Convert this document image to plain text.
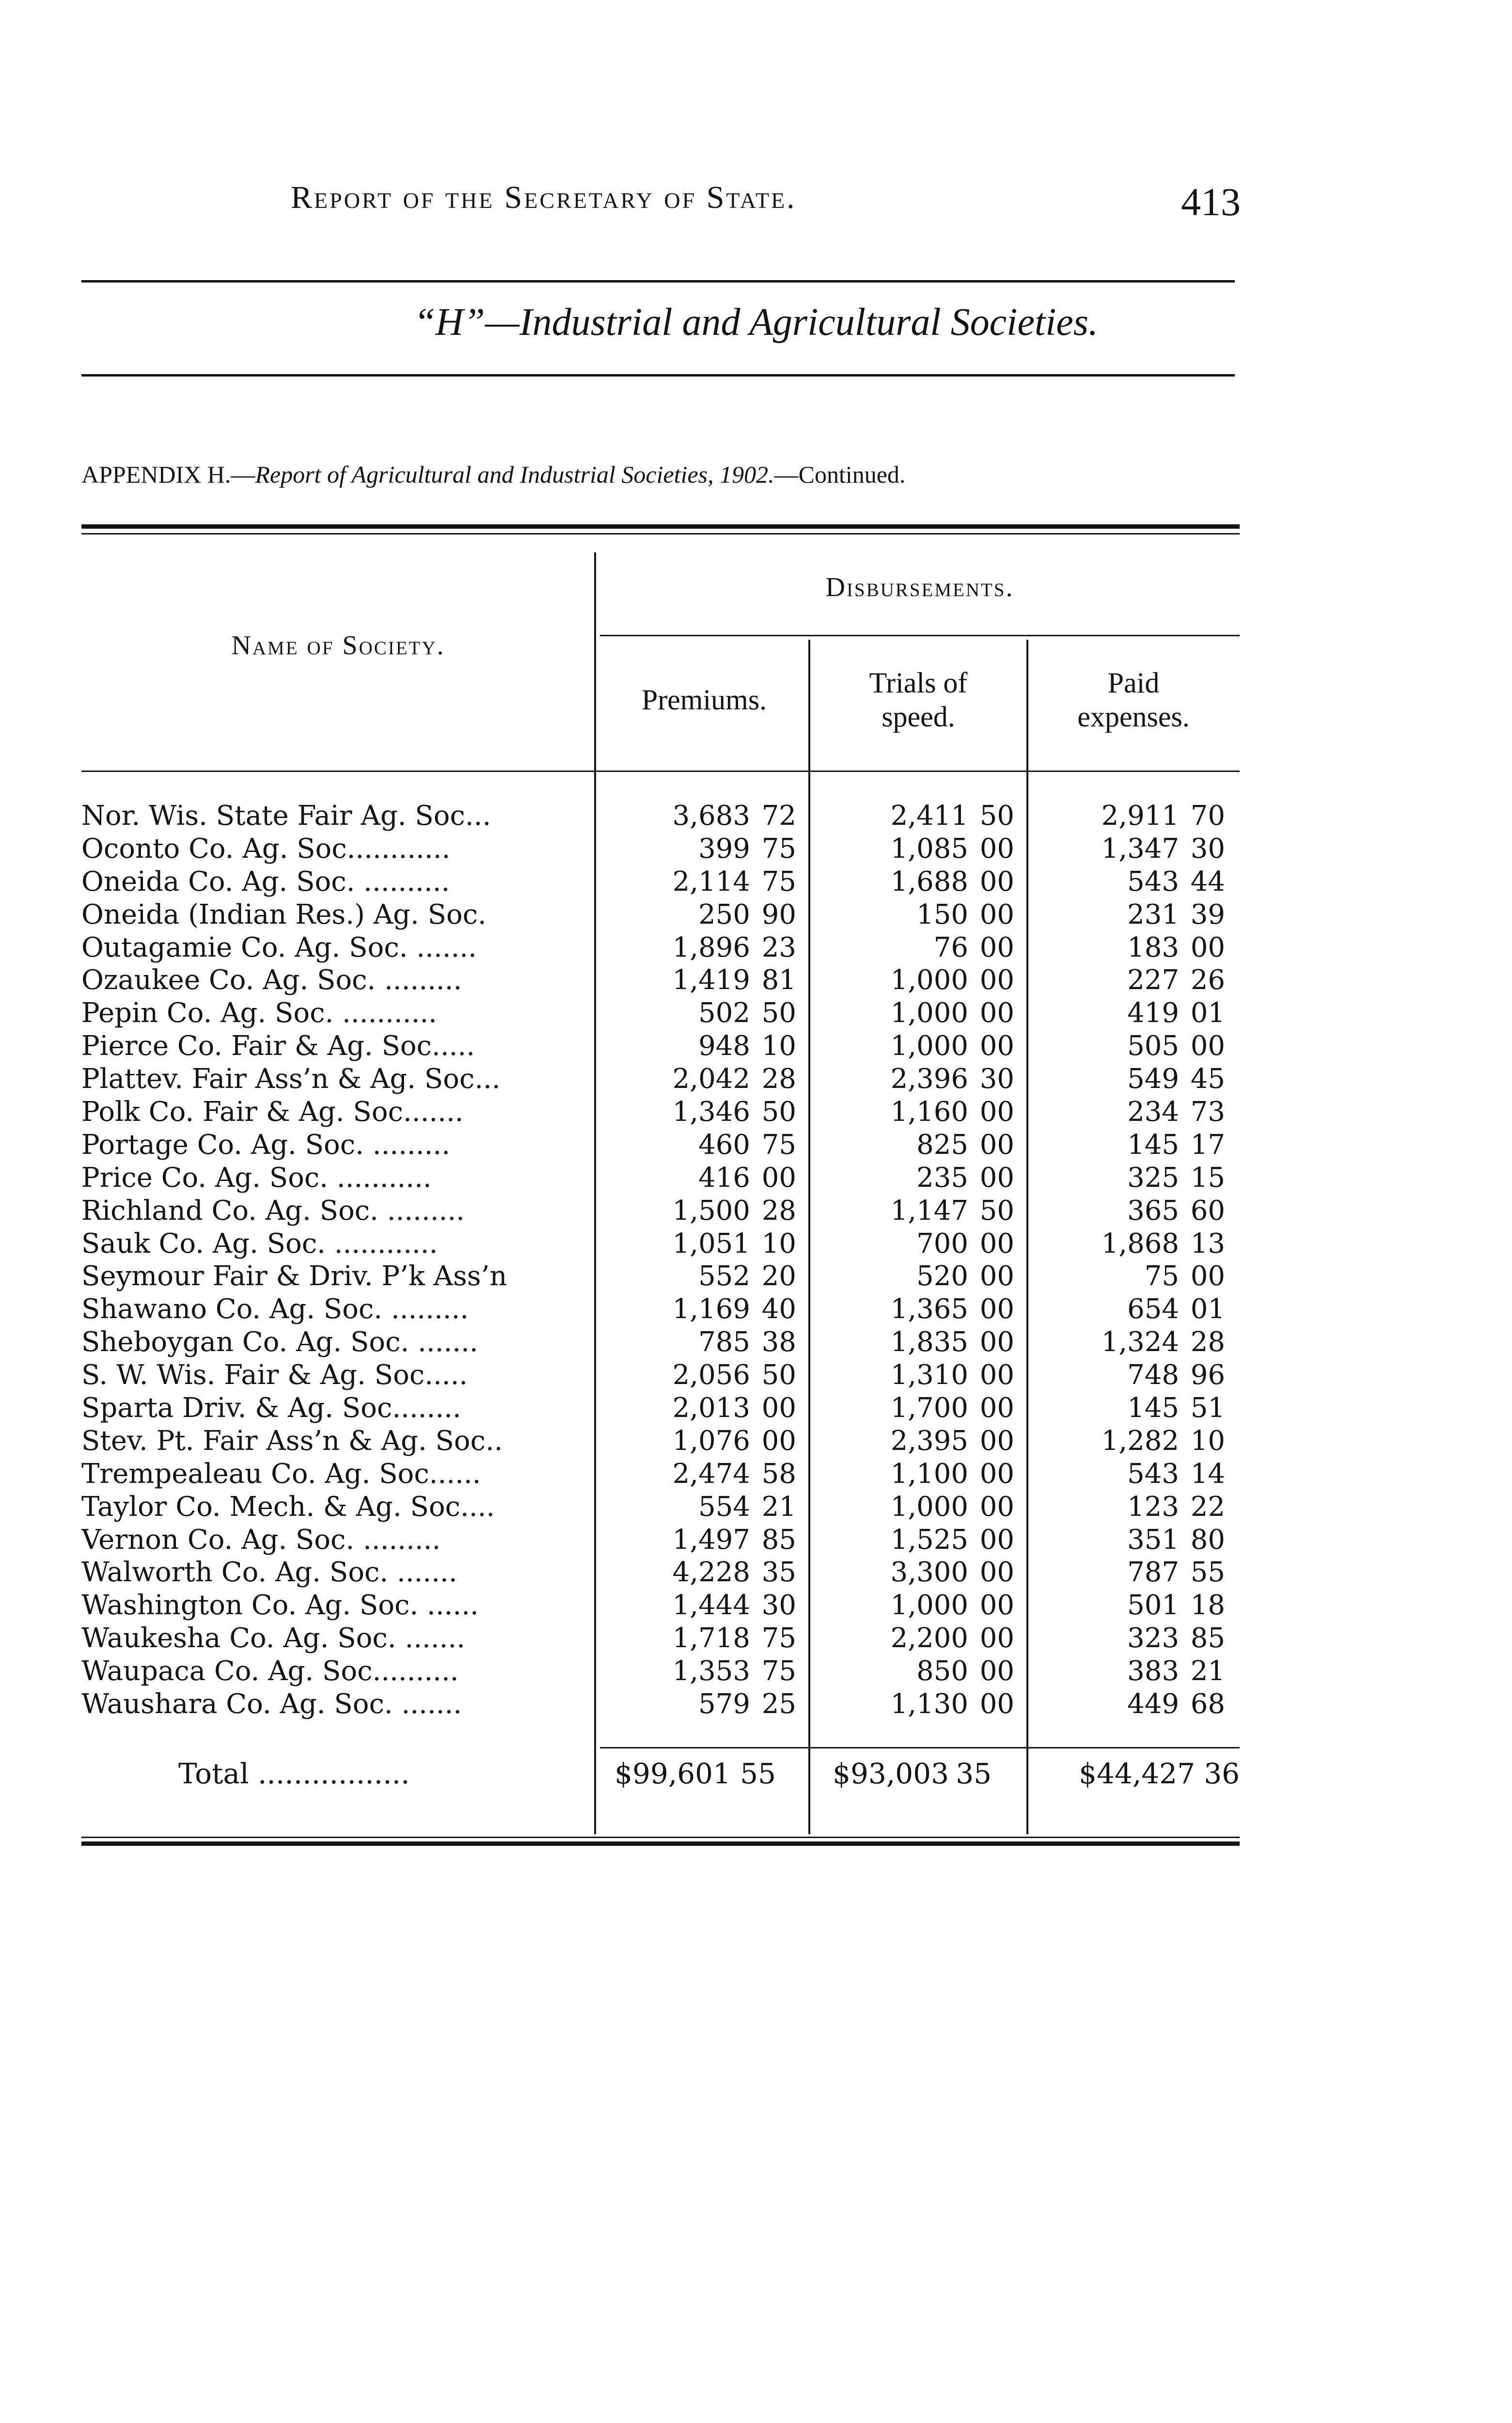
Report of the Secretary of State.	413
“H”—Industrial and Agricultural Societies.
APPENDIX H.—Report of Agricultural and Industrial Societies, 1902.—Continued.
Name of Society.
Disbursements.
Premiums.
Trials of
speed.
Paid
expenses.
Nor. Wis. State Fair Ag. Soc...	3,683 72	2,411 50	2,911 70
Oconto Co. Ag. Soc............	399 75	1,085 00	1,347 30
Oneida Co. Ag. Soc. ..........	2,114 75	1,688 00	543 44
Oneida (Indian Res.) Ag. Soc.	250 90	150 00	231 39
Outagamie Co. Ag. Soc. .......	1,896 23	76 00	183 00
Ozaukee Co. Ag. Soc. .........	1,419 81	1,000 00	227 26
Pepin Co. Ag. Soc. ...........	502 50	1,000 00	419 01
Pierce Co. Fair & Ag. Soc.....	948 10	1,000 00	505 00
Plattev. Fair Ass’n & Ag. Soc...	2,042 28	2,396 30	549 45
Polk Co. Fair & Ag. Soc.......	1,346 50	1,160 00	234 73
Portage Co. Ag. Soc. .........	460 75	825 00	145 17
Price Co. Ag. Soc. ...........	416 00	235 00	325 15
Richland Co. Ag. Soc. .........	1,500 28	1,147 50	365 60
Sauk Co. Ag. Soc. ............	1,051 10	700 00	1,868 13
Seymour Fair & Driv. P’k Ass’n	552 20	520 00	75 00
Shawano Co. Ag. Soc. .........	1,169 40	1,365 00	654 01
Sheboygan Co. Ag. Soc. .......	785 38	1,835 00	1,324 28
S. W. Wis. Fair & Ag. Soc.....	2,056 50	1,310 00	748 96
Sparta Driv. & Ag. Soc........	2,013 00	1,700 00	145 51
Stev. Pt. Fair Ass’n & Ag. Soc..	1,076 00	2,395 00	1,282 10
Trempealeau Co. Ag. Soc......	2,474 58	1,100 00	543 14
Taylor Co. Mech. & Ag. Soc....	554 21	1,000 00	123 22
Vernon Co. Ag. Soc. .........	1,497 85	1,525 00	351 80
Walworth Co. Ag. Soc. .......	4,228 35	3,300 00	787 55
Washington Co. Ag. Soc. ......	1,444 30	1,000 00	501 18
Waukesha Co. Ag. Soc. .......	1,718 75	2,200 00	323 85
Waupaca Co. Ag. Soc..........	1,353 75	850 00	383 21
Waushara Co. Ag. Soc. .......	579 25	1,130 00	449 68
Total .................	$99,601 55 $93,003 35	$44,427 36
